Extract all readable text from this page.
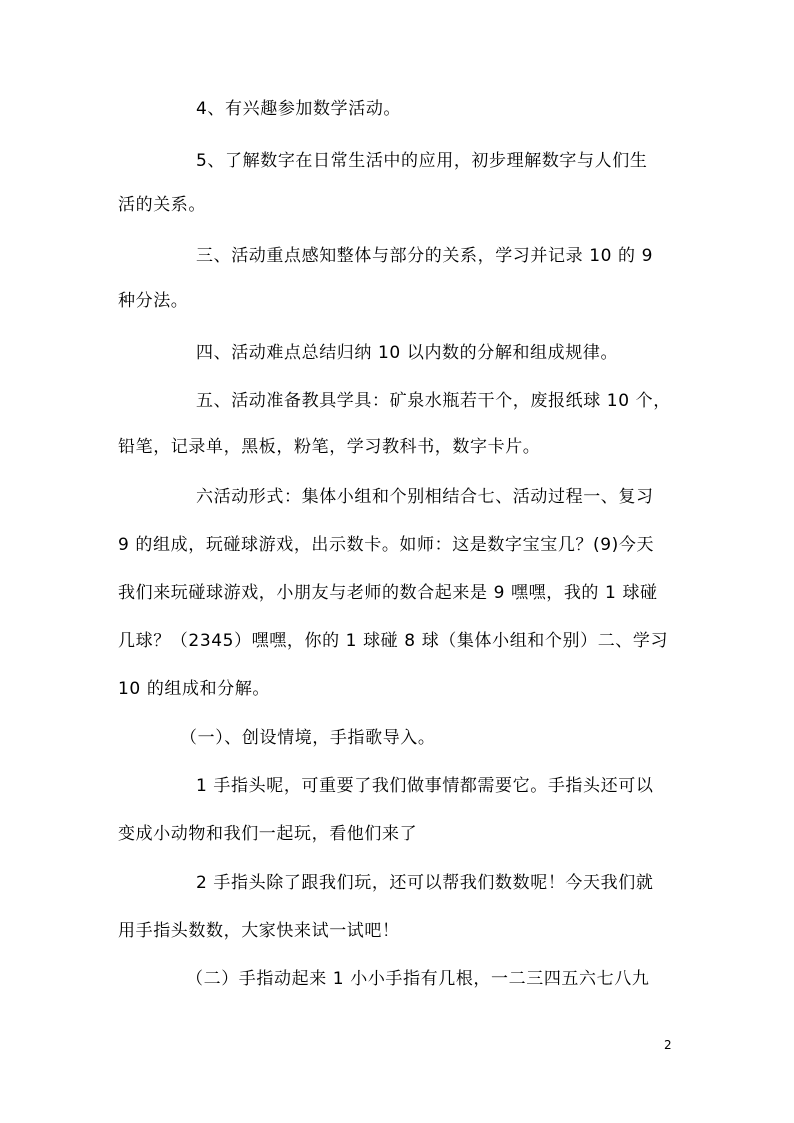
4、有兴趣参加数学活动。
5、了解数字在日常生活中的应用，初步理解数字与人们生
活的关系。
三、活动重点感知整体与部分的关系，学习并记录 10 的 9
种分法。
四、活动难点总结归纳 10 以内数的分解和组成规律。
五、活动准备教具学具：矿泉水瓶若干个，废报纸球 10 个，
铅笔，记录单，黑板，粉笔，学习教科书，数字卡片。
六活动形式：集体小组和个别相结合七、活动过程一、复习
9 的组成，玩碰球游戏，出示数卡。如师：这是数字宝宝几？(9)今天
我们来玩碰球游戏，小朋友与老师的数合起来是 9 嘿嘿，我的 1 球碰
几球？（2345）嘿嘿，你的 1 球碰 8 球（集体小组和个别）二、学习
10 的组成和分解。
（一）、创设情境，手指歌导入。
1 手指头呢，可重要了我们做事情都需要它。手指头还可以
变成小动物和我们一起玩，看他们来了
2 手指头除了跟我们玩，还可以帮我们数数呢！今天我们就
用手指头数数，大家快来试一试吧！
（二）手指动起来 1 小小手指有几根，一二三四五六七八九
2
